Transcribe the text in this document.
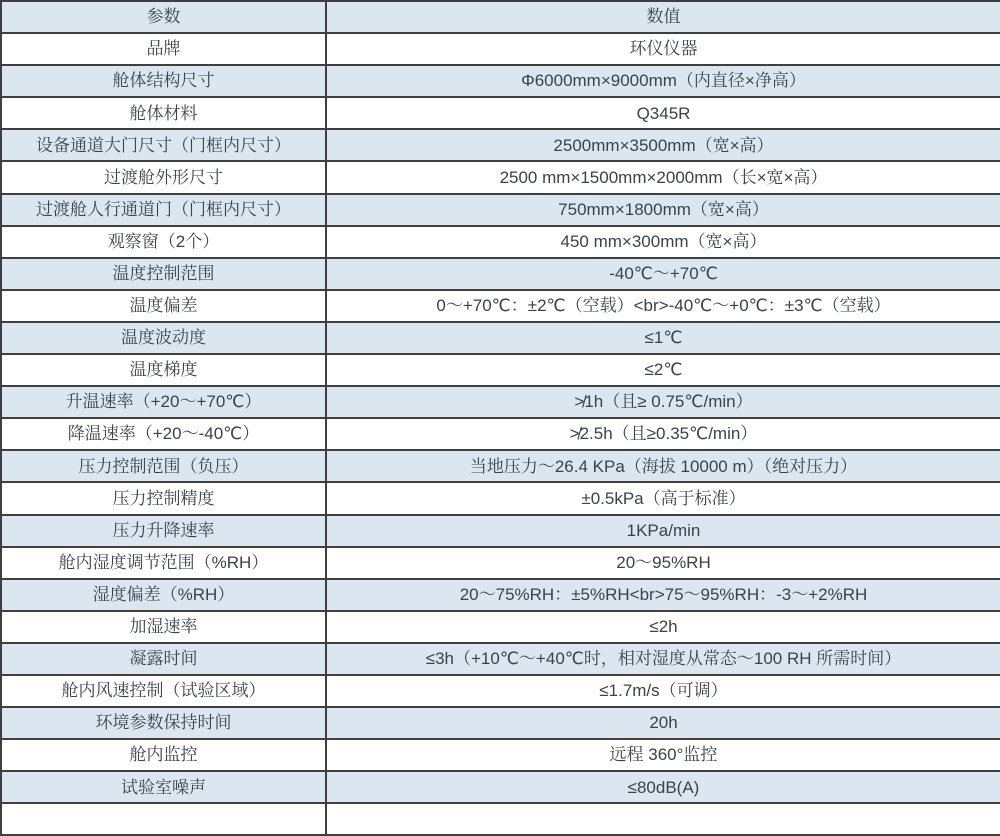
参数	数值
品牌	环仪仪器
舱体结构尺寸	Φ6000mm×9000mm（内直径×净高）
舱体材料	Q345R
设备通道大门尺寸（门框内尺寸）	2500mm×3500mm（宽×高）
过渡舱外形尺寸	2500 mm×1500mm×2000mm（长×宽×高）
过渡舱人行通道门（门框内尺寸）	750mm×1800mm（宽×高）
观察窗（2个）	450 mm×300mm（宽×高）
温度控制范围	-40℃～+70℃
温度偏差	0～+70℃：±2℃（空载）<br>-40℃～+0℃：±3℃（空载）
温度波动度	≤1℃
温度梯度	≤2℃
升温速率（+20～+70℃）	≯1h（且≥ 0.75℃/min）
降温速率（+20～-40℃）	≯2.5h（且≥0.35℃/min）
压力控制范围（负压）	当地压力～26.4 KPa（海拔 10000 m）（绝对压力）
压力控制精度	±0.5kPa（高于标准）
压力升降速率	1KPa/min
舱内湿度调节范围（%RH）	20～95%RH
湿度偏差（%RH）	20～75%RH：±5%RH<br>75～95%RH：-3～+2%RH
加湿速率	≤2h
凝露时间	≤3h（+10℃～+40℃时，相对湿度从常态～100 RH 所需时间）
舱内风速控制（试验区域）	≤1.7m/s（可调）
环境参数保持时间	20h
舱内监控	远程 360°监控
试验室噪声	≤80dB(A)
